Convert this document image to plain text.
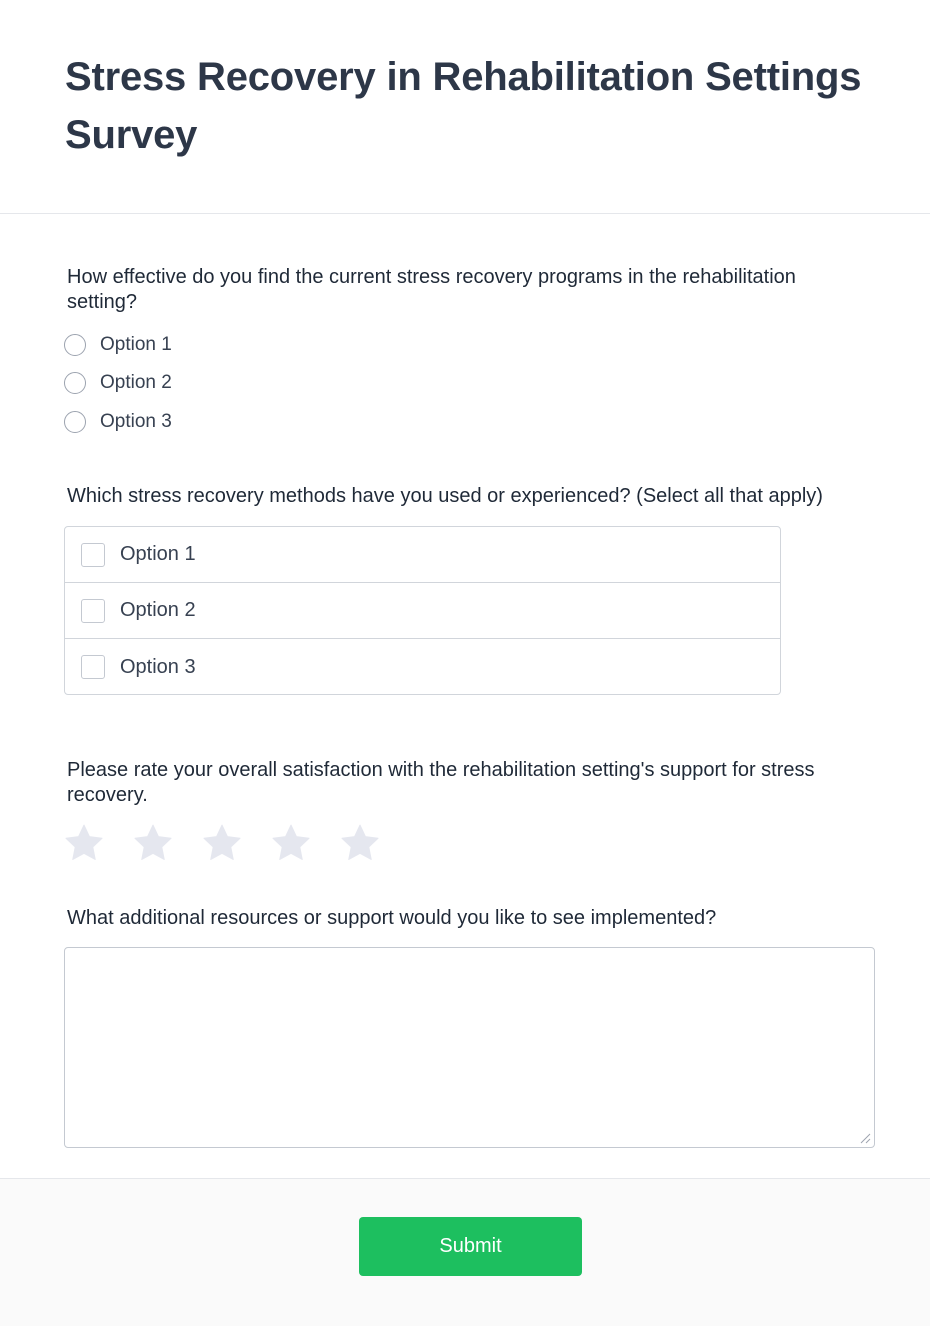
Stress Recovery in Rehabilitation Settings Survey

How effective do you find the current stress recovery programs in the rehabilitation setting?

Option 1
Option 2
Option 3

Which stress recovery methods have you used or experienced? (Select all that apply)

Option 1
Option 2
Option 3

Please rate your overall satisfaction with the rehabilitation setting's support for stress recovery.

What additional resources or support would you like to see implemented?

Submit
